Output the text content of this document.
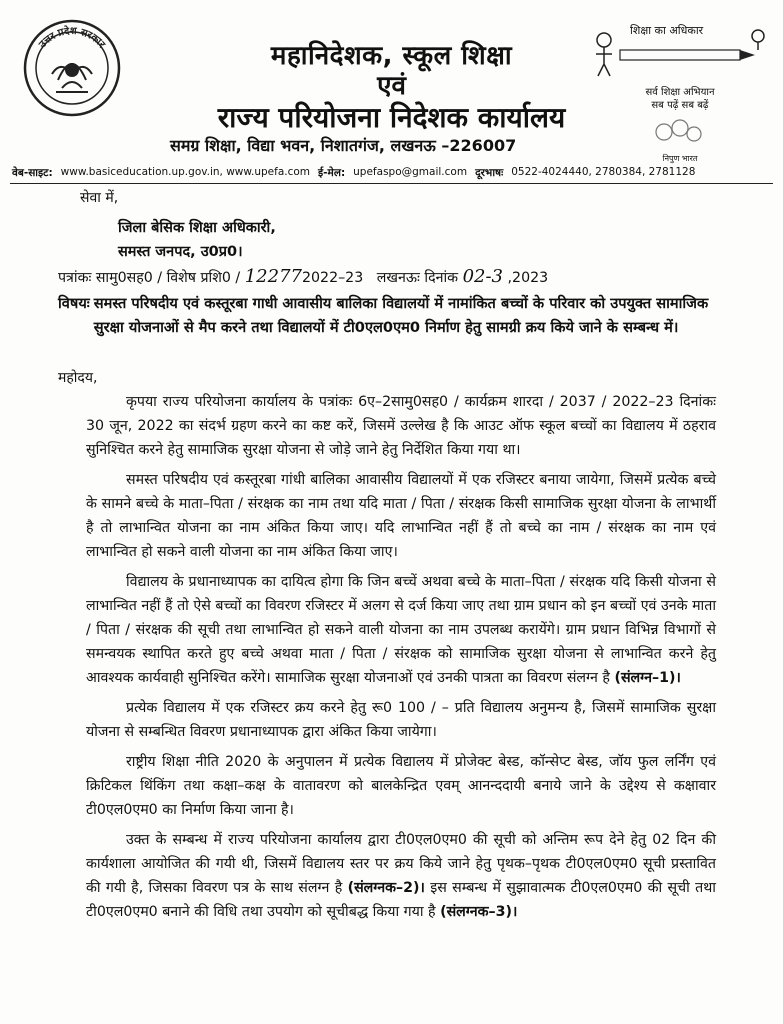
उत्तर प्रदेश सरकार	महानिदेशक, स्कूल शिक्षा
एवं
राज्य परियोजना निदेशक कार्यालय
समग्र शिक्षा, विद्या भवन, निशातगंज, लखनऊ –226007
शिक्षा का अधिकार
सर्व शिक्षा अभियान
सब पढ़ें सब बढ़ें
निपुण भारत
वेब-साइट: www.basiceducation.up.gov.in, www.upefa.com ई-मेल: upefaspo@gmail.com दूरभाषः 0522-4024440, 2780384, 2781128
सेवा में,
जिला बेसिक शिक्षा अधिकारी,
समस्त जनपद, उ0प्र0।
पत्रांकः सामु0सह0 / विशेष प्रशि0 / 122772022–23 लखनऊः दिनांक 02-3 ,2023
विषयः समस्त परिषदीय एवं कस्तूरबा गाधी आवासीय बालिका विद्यालयों में नामांकित बच्चों के परिवार को उपयुक्त सामाजिक सुरक्षा योजनाओं से मैप करने तथा विद्यालयों में टी0एल0एम0 निर्माण हेतु सामग्री क्रय किये जाने के सम्बन्ध में।
महोदय,

कृपया राज्य परियोजना कार्यालय के पत्रांकः 6ए–2सामु0सह0 / कार्यक्रम शारदा / 2037 / 2022–23 दिनांकः 30 जून, 2022 का संदर्भ ग्रहण करने का कष्ट करें, जिसमें उल्लेख है कि आउट ऑफ स्कूल बच्चों का विद्यालय में ठहराव सुनिश्चित करने हेतु सामाजिक सुरक्षा योजना से जोड़े जाने हेतु निर्देशित किया गया था।

समस्त परिषदीय एवं कस्तूरबा गांधी बालिका आवासीय विद्यालयों में एक रजिस्टर बनाया जायेगा, जिसमें प्रत्येक बच्चे के सामने बच्चे के माता–पिता / संरक्षक का नाम तथा यदि माता / पिता / संरक्षक किसी सामाजिक सुरक्षा योजना के लाभार्थी है तो लाभान्वित योजना का नाम अंकित किया जाए। यदि लाभान्वित नहीं हैं तो बच्चे का नाम / संरक्षक का नाम एवं लाभान्वित हो सकने वाली योजना का नाम अंकित किया जाए।

विद्यालय के प्रधानाध्यापक का दायित्व होगा कि जिन बच्चें अथवा बच्चे के माता–पिता / संरक्षक यदि किसी योजना से लाभान्वित नहीं हैं तो ऐसे बच्चों का विवरण रजिस्टर में अलग से दर्ज किया जाए तथा ग्राम प्रधान को इन बच्चों एवं उनके माता / पिता / संरक्षक की सूची तथा लाभान्वित हो सकने वाली योजना का नाम उपलब्ध करायेंगे। ग्राम प्रधान विभिन्न विभागों से समन्वयक स्थापित करते हुए बच्चे अथवा माता / पिता / संरक्षक को सामाजिक सुरक्षा योजना से लाभान्वित करने हेतु आवश्यक कार्यवाही सुनिश्चित करेंगे। सामाजिक सुरक्षा योजनाओं एवं उनकी पात्रता का विवरण संलग्न है (संलग्न–1)।

प्रत्येक विद्यालय में एक रजिस्टर क्रय करने हेतु रू0 100 / – प्रति विद्यालय अनुमन्य है, जिसमें सामाजिक सुरक्षा योजना से सम्बन्धित विवरण प्रधानाध्यापक द्वारा अंकित किया जायेगा।

राष्ट्रीय शिक्षा नीति 2020 के अनुपालन में प्रत्येक विद्यालय में प्रोजेक्ट बेस्ड, कॉन्सेप्ट बेस्ड, जॉय फुल लर्निंग एवं क्रिटिकल थिंकिंग तथा कक्षा–कक्ष के वातावरण को बालकेन्द्रित एवम् आनन्ददायी बनाये जाने के उद्देश्य से कक्षावार टी0एल0एम0 का निर्माण किया जाना है।

उक्त के सम्बन्ध में राज्य परियोजना कार्यालय द्वारा टी0एल0एम0 की सूची को अन्तिम रूप देने हेतु 02 दिन की कार्यशाला आयोजित की गयी थी, जिसमें विद्यालय स्तर पर क्रय किये जाने हेतु पृथक–पृथक टी0एल0एम0 सूची प्रस्तावित की गयी है, जिसका विवरण पत्र के साथ संलग्न है (संलग्नक–2)। इस सम्बन्ध में सुझावात्मक टी0एल0एम0 की सूची तथा टी0एल0एम0 बनाने की विधि तथा उपयोग को सूचीबद्ध किया गया है (संलग्नक–3)।
